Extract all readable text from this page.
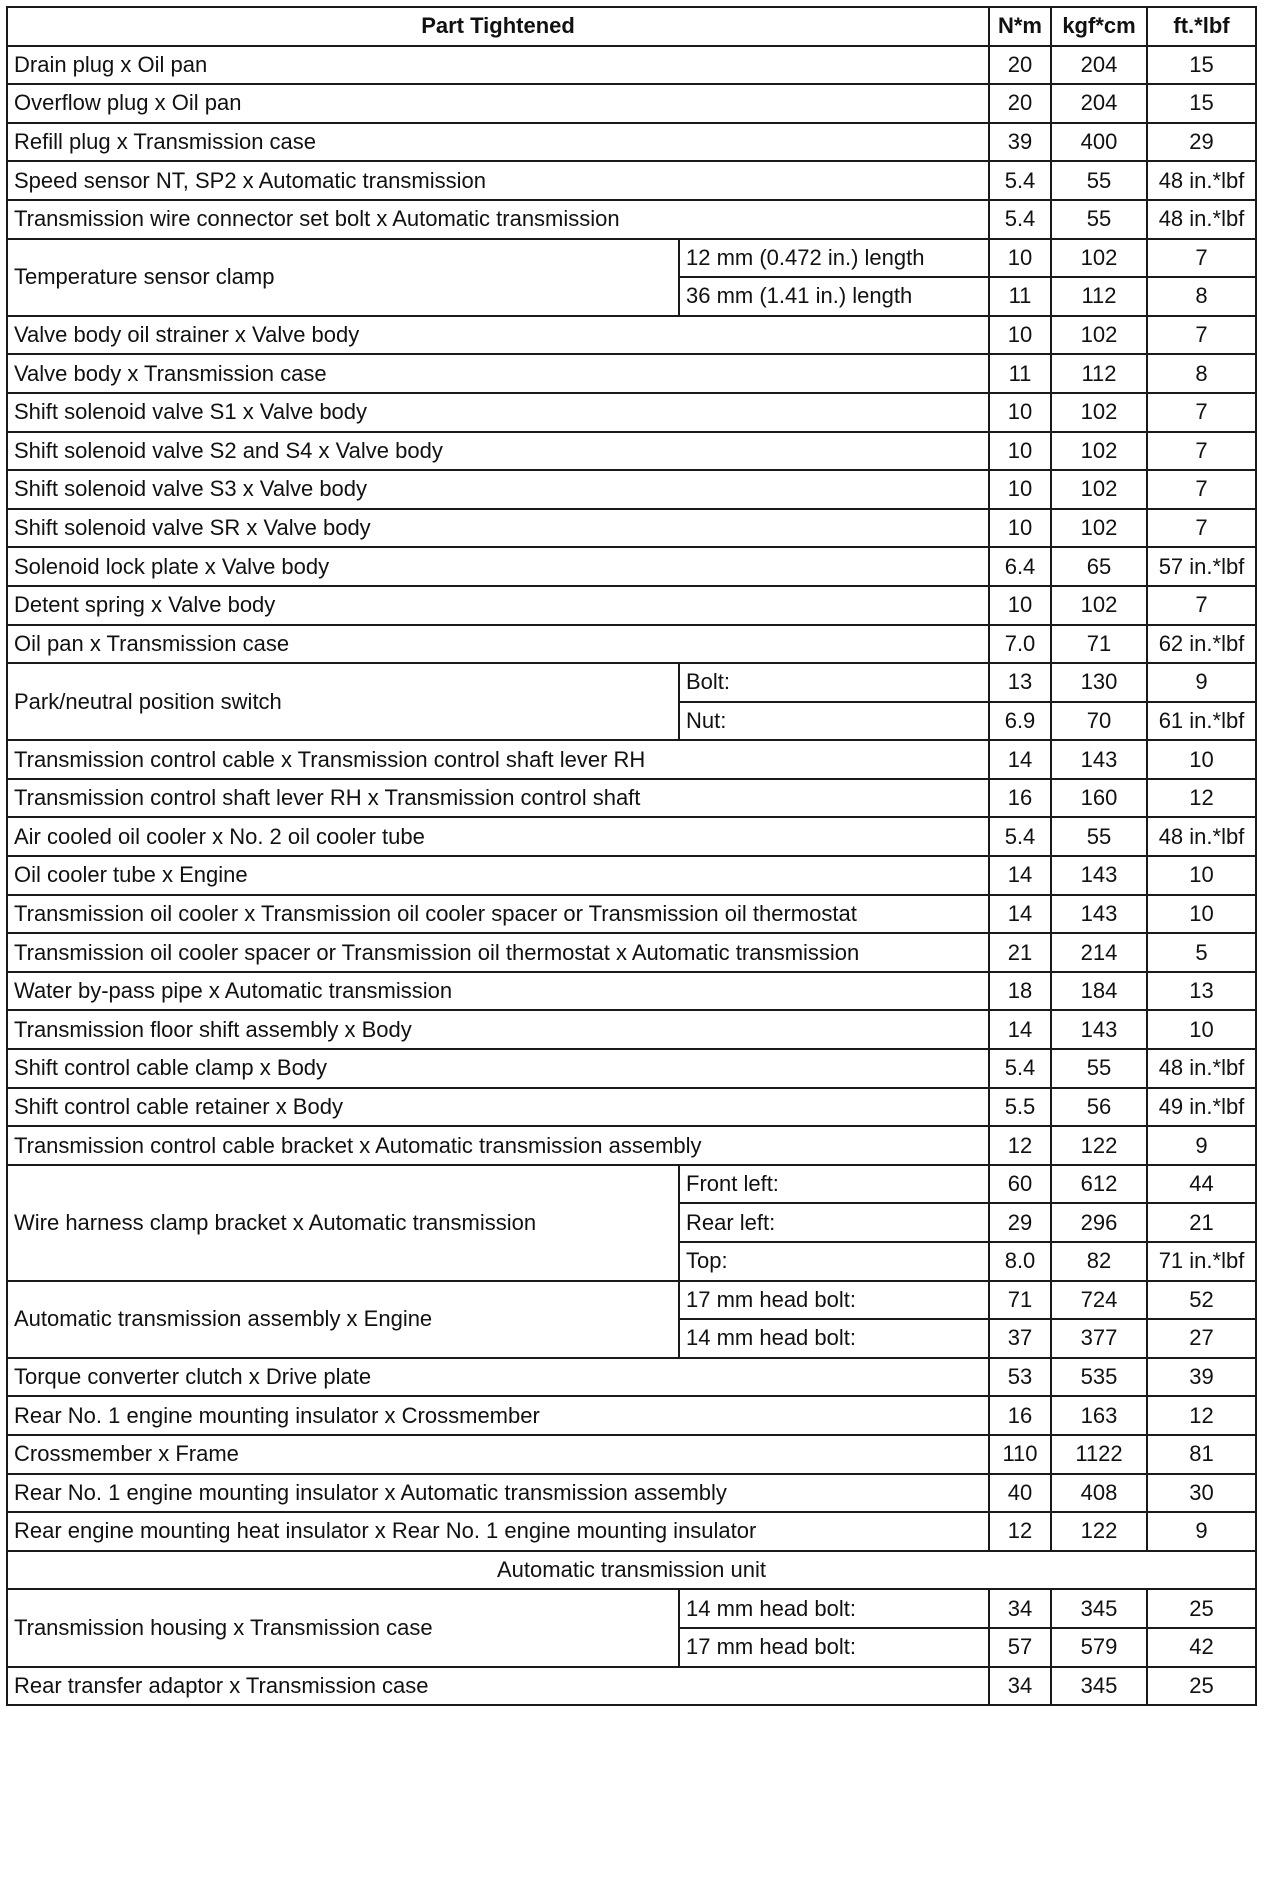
Part Tightened		N*m	kgf*cm	ft.*lbf
Drain plug x Oil pan		20	204	15
Overflow plug x Oil pan		20	204	15
Refill plug x Transmission case		39	400	29
Speed sensor NT, SP2 x Automatic transmission		5.4	55	48 in.*lbf
Transmission wire connector set bolt x Automatic transmission		5.4	55	48 in.*lbf
Temperature sensor clamp	12 mm (0.472 in.) length	10	102	7
	36 mm (1.41 in.) length	11	112	8
Valve body oil strainer x Valve body		10	102	7
Valve body x Transmission case		11	112	8
Shift solenoid valve S1 x Valve body		10	102	7
Shift solenoid valve S2 and S4 x Valve body		10	102	7
Shift solenoid valve S3 x Valve body		10	102	7
Shift solenoid valve SR x Valve body		10	102	7
Solenoid lock plate x Valve body		6.4	65	57 in.*lbf
Detent spring x Valve body		10	102	7
Oil pan x Transmission case		7.0	71	62 in.*lbf
Park/neutral position switch	Bolt:	13	130	9
	Nut:	6.9	70	61 in.*lbf
Transmission control cable x Transmission control shaft lever RH		14	143	10
Transmission control shaft lever RH x Transmission control shaft		16	160	12
Air cooled oil cooler x No. 2 oil cooler tube		5.4	55	48 in.*lbf
Oil cooler tube x Engine		14	143	10
Transmission oil cooler x Transmission oil cooler spacer or Transmission oil thermostat		14	143	10
Transmission oil cooler spacer or Transmission oil thermostat x Automatic transmission		21	214	5
Water by-pass pipe x Automatic transmission		18	184	13
Transmission floor shift assembly x Body		14	143	10
Shift control cable clamp x Body		5.4	55	48 in.*lbf
Shift control cable retainer x Body		5.5	56	49 in.*lbf
Transmission control cable bracket x Automatic transmission assembly		12	122	9
Wire harness clamp bracket x Automatic transmission	Front left:	60	612	44
	Rear left:	29	296	21
	Top:	8.0	82	71 in.*lbf
Automatic transmission assembly x Engine	17 mm head bolt:	71	724	52
	14 mm head bolt:	37	377	27
Torque converter clutch x Drive plate		53	535	39
Rear No. 1 engine mounting insulator x Crossmember		16	163	12
Crossmember x Frame		110	1122	81
Rear No. 1 engine mounting insulator x Automatic transmission assembly		40	408	30
Rear engine mounting heat insulator x Rear No. 1 engine mounting insulator		12	122	9
Automatic transmission unit				
Transmission housing x Transmission case	14 mm head bolt:	34	345	25
	17 mm head bolt:	57	579	42
Rear transfer adaptor x Transmission case		34	345	25
